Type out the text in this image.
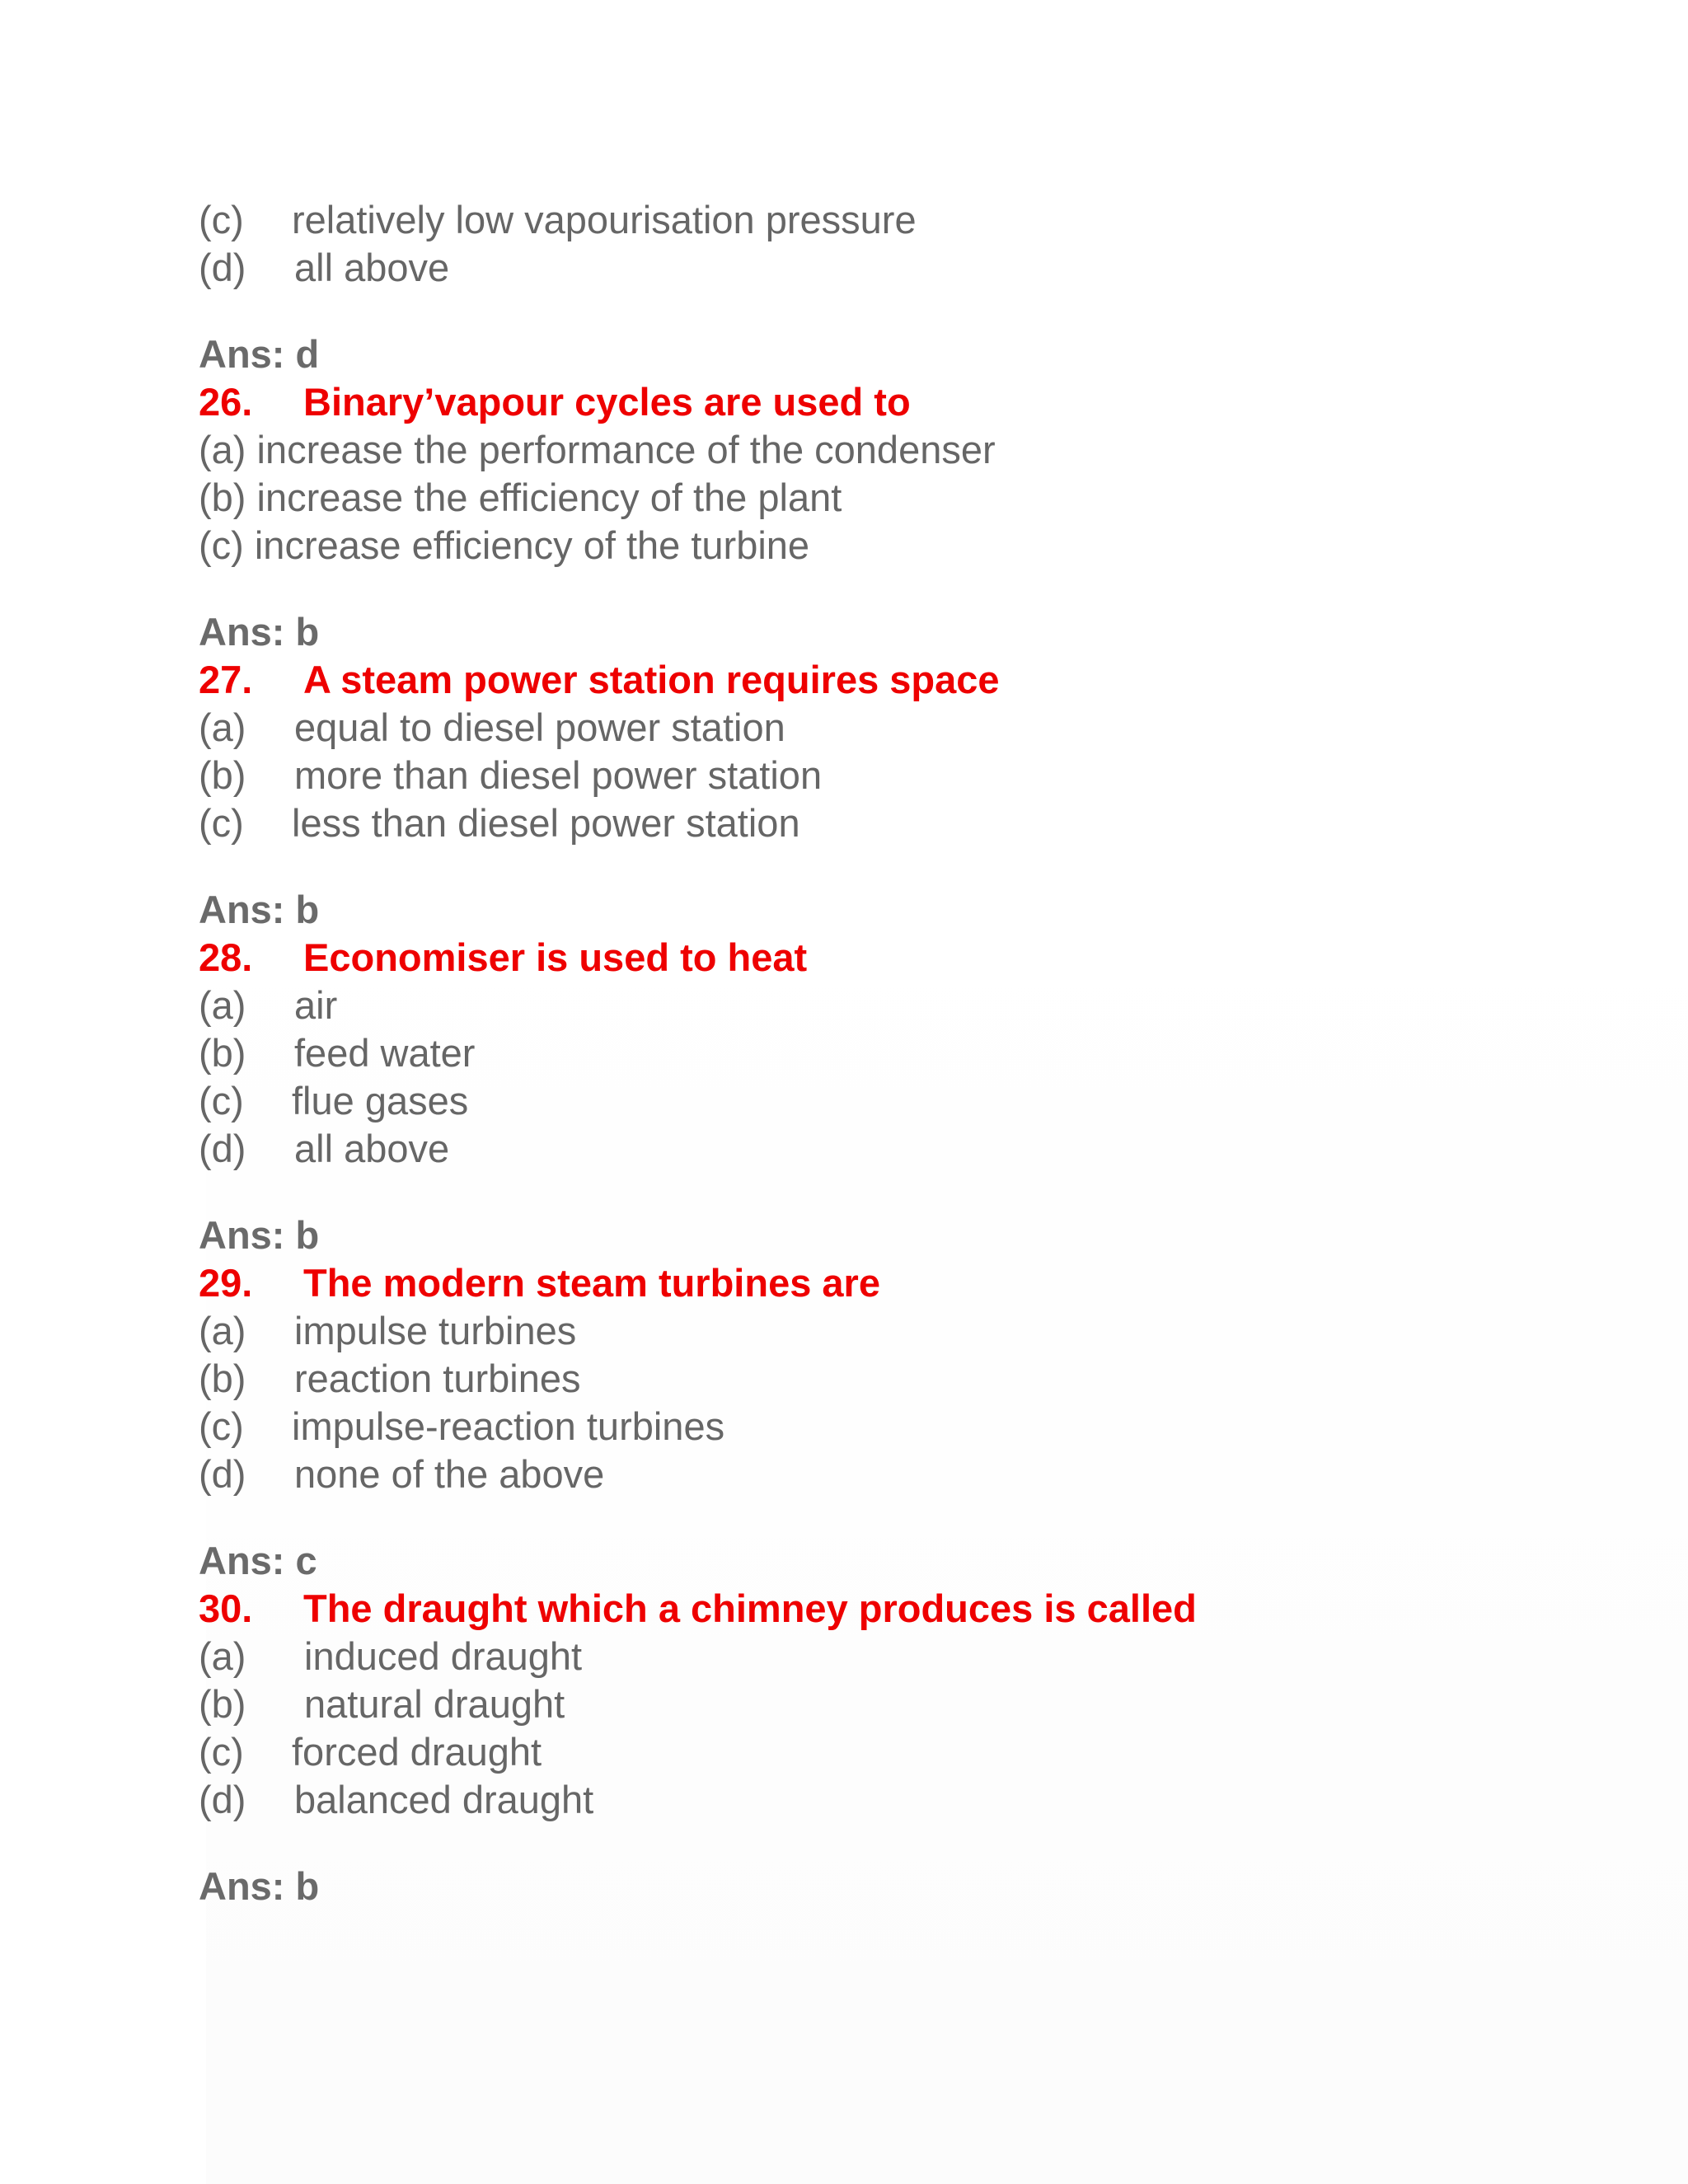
(c) relatively low vapourisation pressure
(d) all above
Ans: d
26. Binary’vapour cycles are used to
(a) increase the performance of the condenser
(b) increase the efficiency of the plant
(c) increase efficiency of the turbine
Ans: b
27. A steam power station requires space
(a) equal to diesel power station
(b) more than diesel power station
(c) less than diesel power station
Ans: b
28. Economiser is used to heat
(a) air
(b) feed water
(c) flue gases
(d) all above
Ans: b
29. The modern steam turbines are
(a) impulse turbines
(b) reaction turbines
(c) impulse-reaction turbines
(d) none of the above
Ans: c
30. The draught which a chimney produces is called
(a) induced draught
(b) natural draught
(c) forced draught
(d) balanced draught
Ans: b
